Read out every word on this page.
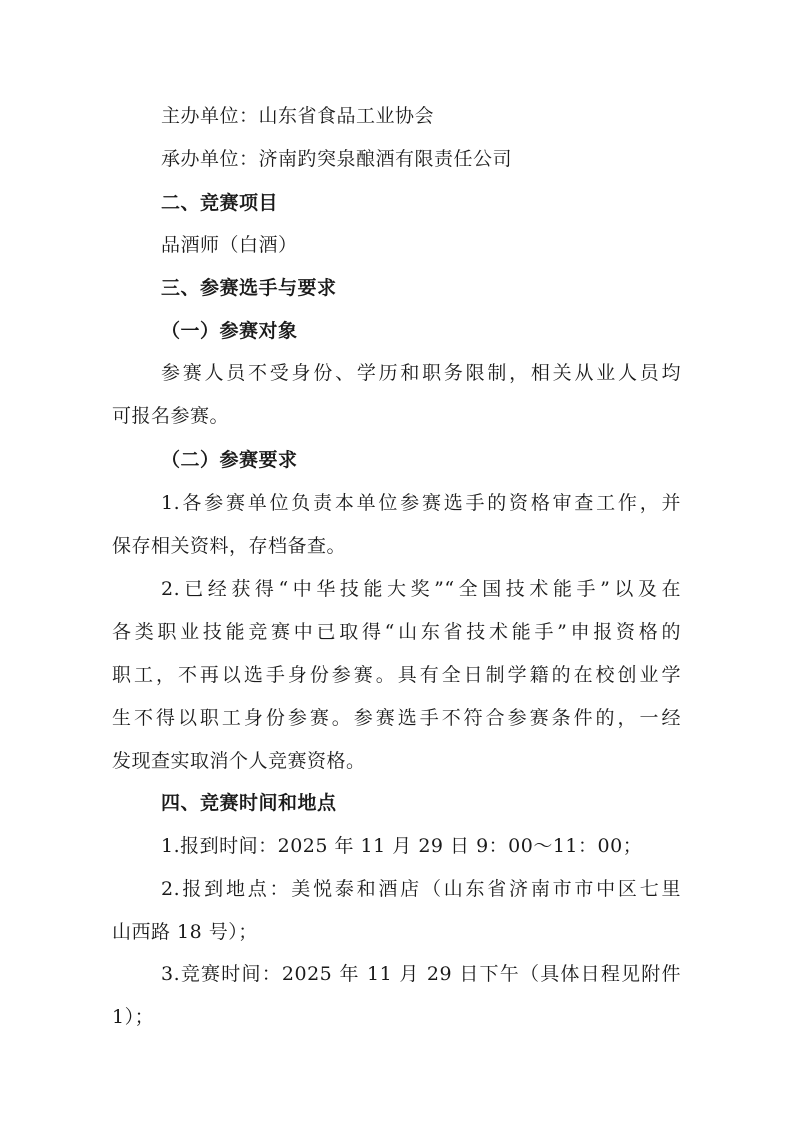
主办单位：山东省食品工业协会
承办单位：济南趵突泉酿酒有限责任公司
二、竞赛项目
品酒师（白酒）
三、参赛选手与要求
（一）参赛对象
参赛人员不受身份、学历和职务限制，相关从业人员均
可报名参赛。
（二）参赛要求
1.各参赛单位负责本单位参赛选手的资格审查工作，并
保存相关资料，存档备查。
2.已经获得“中华技能大奖”“全国技术能手”以及在
各类职业技能竞赛中已取得“山东省技术能手”申报资格的
职工，不再以选手身份参赛。具有全日制学籍的在校创业学
生不得以职工身份参赛。参赛选手不符合参赛条件的，一经
发现查实取消个人竞赛资格。
四、竞赛时间和地点
1.报到时间：2025 年 11 月 29 日 9：00～11：00；
2.报到地点：美悦泰和酒店（山东省济南市市中区七里
山西路 18 号）；
3.竞赛时间：2025 年 11 月 29 日下午（具体日程见附件
1）；
